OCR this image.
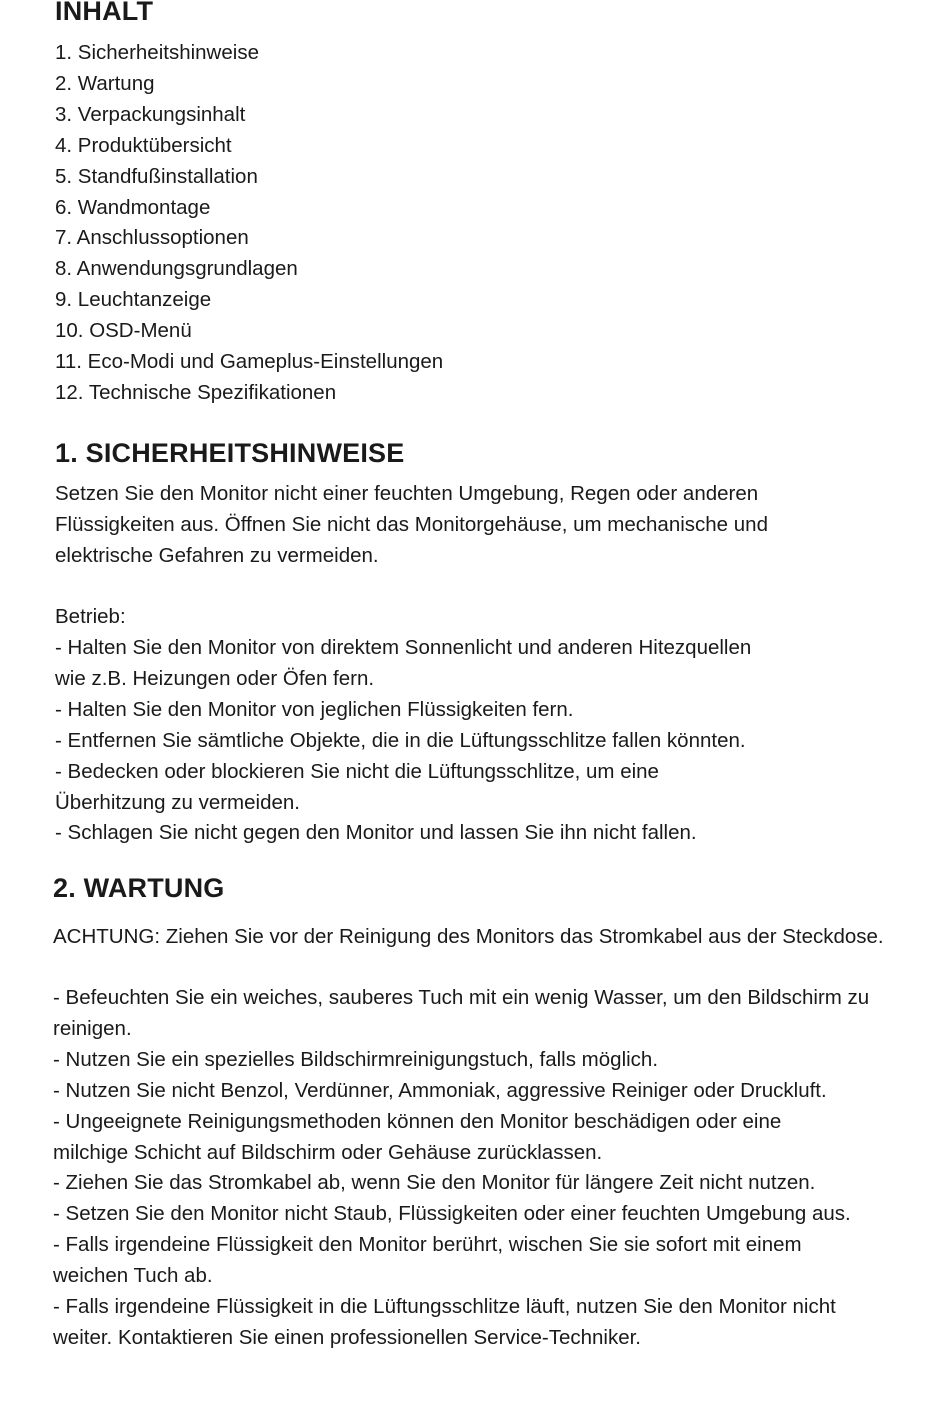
INHALT
1. Sicherheitshinweise
2. Wartung
3. Verpackungsinhalt
4. Produktübersicht
5. Standfußinstallation
6. Wandmontage
7. Anschlussoptionen
8. Anwendungsgrundlagen
9. Leuchtanzeige
10. OSD-Menü
11. Eco-Modi und Gameplus-Einstellungen
12. Technische Spezifikationen
1. SICHERHEITSHINWEISE
Setzen Sie den Monitor nicht einer feuchten Umgebung, Regen oder anderen
Flüssigkeiten aus. Öffnen Sie nicht das Monitorgehäuse, um mechanische und
elektrische Gefahren zu vermeiden.
Betrieb:
- Halten Sie den Monitor von direktem Sonnenlicht und anderen Hitezquellen
wie z.B. Heizungen oder Öfen fern.
- Halten Sie den Monitor von jeglichen Flüssigkeiten fern.
- Entfernen Sie sämtliche Objekte, die in die Lüftungsschlitze fallen könnten.
- Bedecken oder blockieren Sie nicht die Lüftungsschlitze, um eine
Überhitzung zu vermeiden.
- Schlagen Sie nicht gegen den Monitor und lassen Sie ihn nicht fallen.
2. WARTUNG
ACHTUNG: Ziehen Sie vor der Reinigung des Monitors das Stromkabel aus der Steckdose.
- Befeuchten Sie ein weiches, sauberes Tuch mit ein wenig Wasser, um den Bildschirm zu
reinigen.
- Nutzen Sie ein spezielles Bildschirmreinigungstuch, falls möglich.
- Nutzen Sie nicht Benzol, Verdünner, Ammoniak, aggressive Reiniger oder Druckluft.
- Ungeeignete Reinigungsmethoden können den Monitor beschädigen oder eine
milchige Schicht auf Bildschirm oder Gehäuse zurücklassen.
- Ziehen Sie das Stromkabel ab, wenn Sie den Monitor für längere Zeit nicht nutzen.
- Setzen Sie den Monitor nicht Staub, Flüssigkeiten oder einer feuchten Umgebung aus.
- Falls irgendeine Flüssigkeit den Monitor berührt, wischen Sie sie sofort mit einem
weichen Tuch ab.
- Falls irgendeine Flüssigkeit in die Lüftungsschlitze läuft, nutzen Sie den Monitor nicht
weiter. Kontaktieren Sie einen professionellen Service-Techniker.
